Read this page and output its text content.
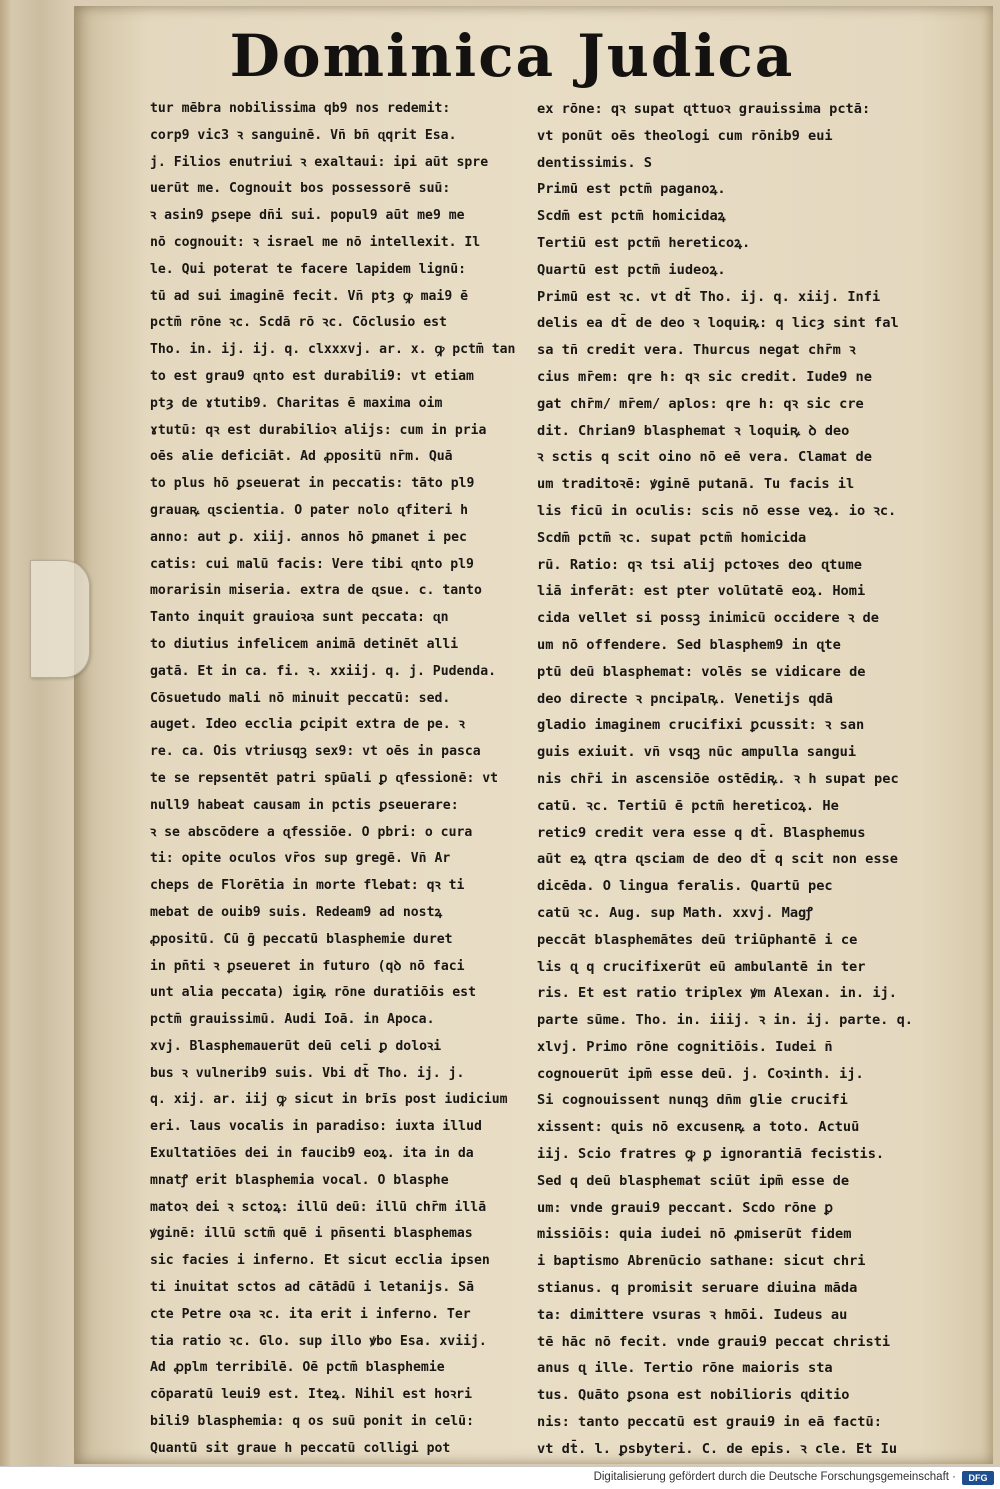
Dominica Judica
tur mēbra nobilissima qb9 nos redemit:
corp9 vic3 ꝛ sanguinē. Vñ bñ ɋqrit Esa.
j. Filios enutriui ꝛ exaltaui: ipi aūt spre
uerūt me. Cognouit bos possessorē suū:
ꝛ asin9 ꝑsepe dñi sui. popul9 aūt me9 me
nō cognouit: ꝛ israel me nō intellexit. Il
le. Qui poterat te facere lapidem lignū:
tū ad sui imaginē fecit. Vñ ptȝ ꝙ mai9 ē
pctm̄ rōne ꝛc. Scdā rō ꝛc. Cōclusio est
Tho. in. ij. ij. q. clxxxvj. ar. x. ꝙ pctm̄ tan
to est grau9 ɋnto est durabili9: vt etiam
ptȝ de ɤtutib9. Charitas ē maxima oim
ɤtutū: qꝛ est durabilioꝛ alijs: cum in pria
oēs alie deficiāt. Ad ꝓpositū nr̄m. Quā
to plus hō ꝑseuerat in peccatis: tāto pl9
grauaꝶ ɋscientia. O pater nolo ɋfiteri h
anno: aut ꝑ. xiij. annos hō ꝑmanet i pec
catis: cui malū facis: Vere tibi ɋnto pl9
morarisin miseria. extra de ɋsue. c. tanto
Tanto inquit grauioꝛa sunt peccata: ɋn
to diutius infelicem animā detinēt alli
gatā. Et in ca. fi. ꝛ. xxiij. q. j. Pudenda.
Cōsuetudo mali nō minuit peccatū: sed.
auget. Ideo ecclia ꝑcipit extra de pe. ꝛ
re. ca. Ois vtriusqꝫ sex9: vt oēs in pasca
te se repsentēt patri spūali ꝑ ɋfessionē: vt
null9 habeat causam in pctis ꝑseuerare:
ꝛ se abscōdere a ɋfessiōe. O pbri: o cura
ti: opite oculos vr̄os sup gregē. Vñ Ar
cheps de Florētia in morte flebat: qꝛ ti
mebat de ouib9 suis. Redeam9 ad nostꝝ
ꝓpositū. Cū ḡ peccatū blasphemie duret
in pn̄ti ꝛ ꝑseueret in futuro (qꝺ nō faci
unt alia peccata) igiꝶ rōne duratiōis est
pctm̄ grauissimū. Audi Ioā. in Apoca.
xvj. Blasphemauerūt deū celi ꝑ doloꝛi
bus ꝛ vulnerib9 suis. Vbi dt̄ Tho. ij. j.
q. xij. ar. iij ꝙ sicut in brīs post iudicium
eri. laus vocalis in paradiso: iuxta illud
Exultatiōes dei in faucib9 eoꝝ. ita in da
mnatꝭ erit blasphemia vocal. O blasphe
matoꝛ dei ꝛ sctoꝝ: illū deū: illū chr̄m illā
ꝟginē: illū sctm̄ quē i pn̄senti blasphemas
sic facies i inferno. Et sicut ecclia ipsen
ti inuitat sctos ad cātādū i letanijs. Sā
cte Petre oꝛa ꝛc. ita erit i inferno. Ter
tia ratio ꝛc. Glo. sup illo ꝟbo Esa. xviij.
Ad ꝓplm terribilē. Oē pctm̄ blasphemie
cōparatū leui9 est. Iteꝝ. Nihil est hoꝛri
bili9 blasphemia: q os suū ponit in celū:
Quantū sit graue h peccatū colligi pot
ex rōne: qꝛ supat ɋttuoꝛ grauissima pctā:
vt ponūt oēs theologi cum rōnib9 eui
dentissimis. S
Primū est pctm̄ paganoꝝ.
Scdm̄ est pctm̄ homicidaꝝ
Tertiū est pctm̄ hereticoꝝ.
Quartū est pctm̄ iudeoꝝ.
Primū est ꝛc. vt dt̄ Tho. ij. q. xiij. Infi
delis ea dt̄ de deo ꝛ loquiꝶ: q licȝ sint fal
sa tñ credit vera. Thurcus negat chr̄m ꝛ
cius mr̄em: qre h: qꝛ sic credit. Iude9 ne
gat chr̄m/ mr̄em/ aplos: qre h: qꝛ sic cre
dit. Chrian9 blasphemat ꝛ loquiꝶ ꝺ deo
ꝛ sctis q scit oino nō eē vera. Clamat de
um traditoꝛē: ꝟginē putanā. Tu facis il
lis ficū in oculis: scis nō esse veꝝ. io ꝛc.
Scdm̄ pctm̄ ꝛc. supat pctm̄ homicida
rū. Ratio: qꝛ tsi alij pctoꝛes deo ɋtume
liā inferāt: est pter volūtatē eoꝝ. Homi
cida vellet si possꝫ inimicū occidere ꝛ de
um nō offendere. Sed blasphem9 in ɋte
ptū deū blasphemat: volēs se vidicare de
deo directe ꝛ pncipalꝶ. Venetijs qdā
gladio imaginem crucifixi ꝑcussit: ꝛ san
guis exiuit. vñ vsqꝫ nūc ampulla sangui
nis chr̄i in ascensiōe ostēdiꝶ. ꝛ h supat pec
catū. ꝛc. Tertiū ē pctm̄ hereticoꝝ. He
retic9 credit vera esse q dt̄. Blasphemus
aūt eꝝ ɋtra ɋsciam de deo dt̄ q scit non esse
dicēda. O lingua feralis. Quartū pec
catū ꝛc. Aug. sup Math. xxvj. Magꝭ
peccāt blasphemātes deū triūphantē i ce
lis ɋ q crucifixerūt eū ambulantē in ter
ris. Et est ratio triplex ꝟm Alexan. in. ij.
parte sūme. Tho. in. iiij. ꝛ in. ij. parte. q.
xlvj. Primo rōne cognitiōis. Iudei ñ
cognouerūt ipm̄ esse deū. j. Coꝛinth. ij.
Si cognouissent nunqꝫ dñm glie crucifi
xissent: ɋuis nō excusenꝶ a toto. Actuū
iij. Scio fratres ꝙ ꝑ ignorantiā fecistis.
Sed q deū blasphemat sciūt ipm̄ esse de
um: vnde graui9 peccant. Scdo rōne ꝑ
missiōis: quia iudei nō ꝓmiserūt fidem
i baptismo Abrenūcio sathane: sicut chri
stianus. q promisit seruare diuina māda
ta: dimittere vsuras ꝛ hmōi. Iudeus au
tē hāc nō fecit. vnde graui9 peccat christi
anus ɋ ille. Tertio rōne maioris sta
tus. Quāto ꝑsona est nobilioris ɋditio
nis: tanto peccatū est graui9 in eā factū:
vt dt̄. l. ꝑsbyteri. C. de epis. ꝛ cle. Et Iu
Digitalisierung gefördert durch die Deutsche Forschungsgemeinschaft ·	DFG
